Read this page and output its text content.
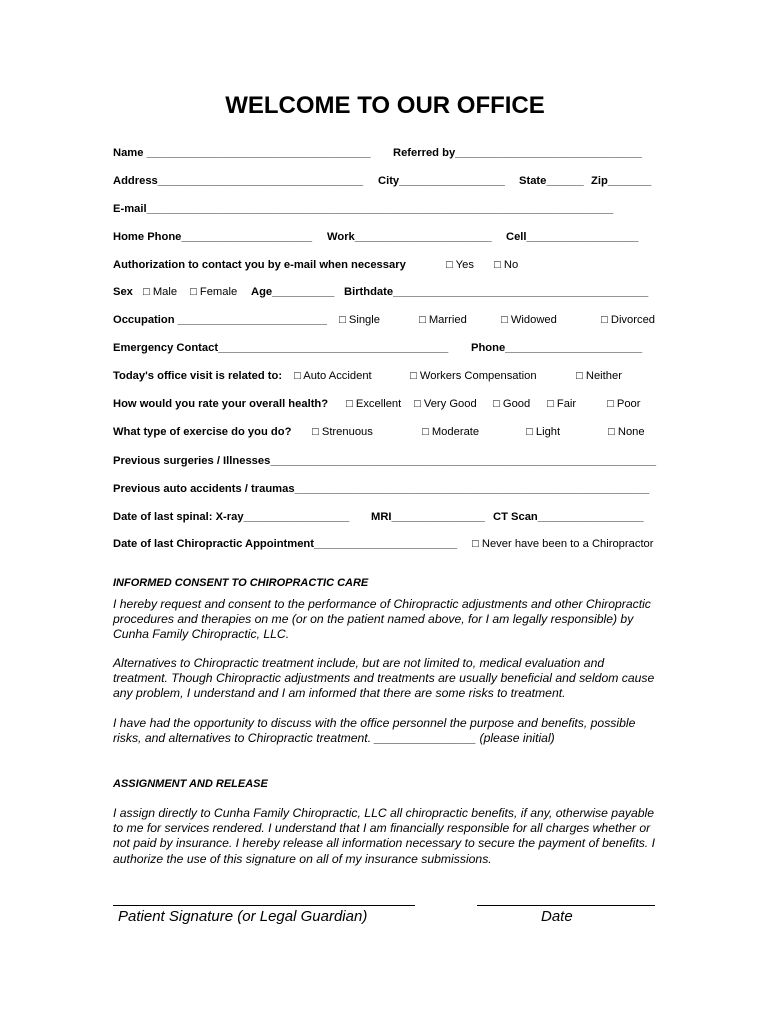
WELCOME TO OUR OFFICE
Name ____________________________________ Referred by______________________________
Address_________________________________ City_________________ State______ Zip_______
E-mail___________________________________________________________________________
Home Phone_____________________ Work______________________ Cell__________________
Authorization to contact you by e-mail when necessary	□ Yes □ No
Sex □ Male □ Female Age__________ Birthdate_________________________________________
Occupation ________________________ □ Single	□ Married	□ Widowed	□ Divorced
Emergency Contact_____________________________________ Phone______________________
Today's office visit is related to: □ Auto Accident	□ Workers Compensation	□ Neither
How would you rate your overall health? □ Excellent □ Very Good □ Good □ Fair	□ Poor
What type of exercise do you do? □ Strenuous	□ Moderate	□ Light	□ None
Previous surgeries / Illnesses______________________________________________________________
Previous auto accidents / traumas_________________________________________________________
Date of last spinal: X-ray_________________ MRI_______________ CT Scan_________________
Date of last Chiropractic Appointment_______________________ □ Never have been to a Chiropractor
INFORMED CONSENT TO CHIROPRACTIC CARE

I hereby request and consent to the performance of Chiropractic adjustments and other Chiropractic procedures and therapies on me (or on the patient named above, for I am legally responsible) by Cunha Family Chiropractic, LLC.

Alternatives to Chiropractic treatment include, but are not limited to, medical evaluation and treatment. Though Chiropractic adjustments and treatments are usually beneficial and seldom cause any problem, I understand and I am informed that there are some risks to treatment.

I have had the opportunity to discuss with the office personnel the purpose and benefits, possible risks, and alternatives to Chiropractic treatment. _______________ (please initial)

ASSIGNMENT AND RELEASE

I assign directly to Cunha Family Chiropractic, LLC all chiropractic benefits, if any, otherwise payable to me for services rendered. I understand that I am financially responsible for all charges whether or not paid by insurance. I hereby release all information necessary to secure the payment of benefits. I authorize the use of this signature on all of my insurance submissions.

Patient Signature (or Legal Guardian)	Date
